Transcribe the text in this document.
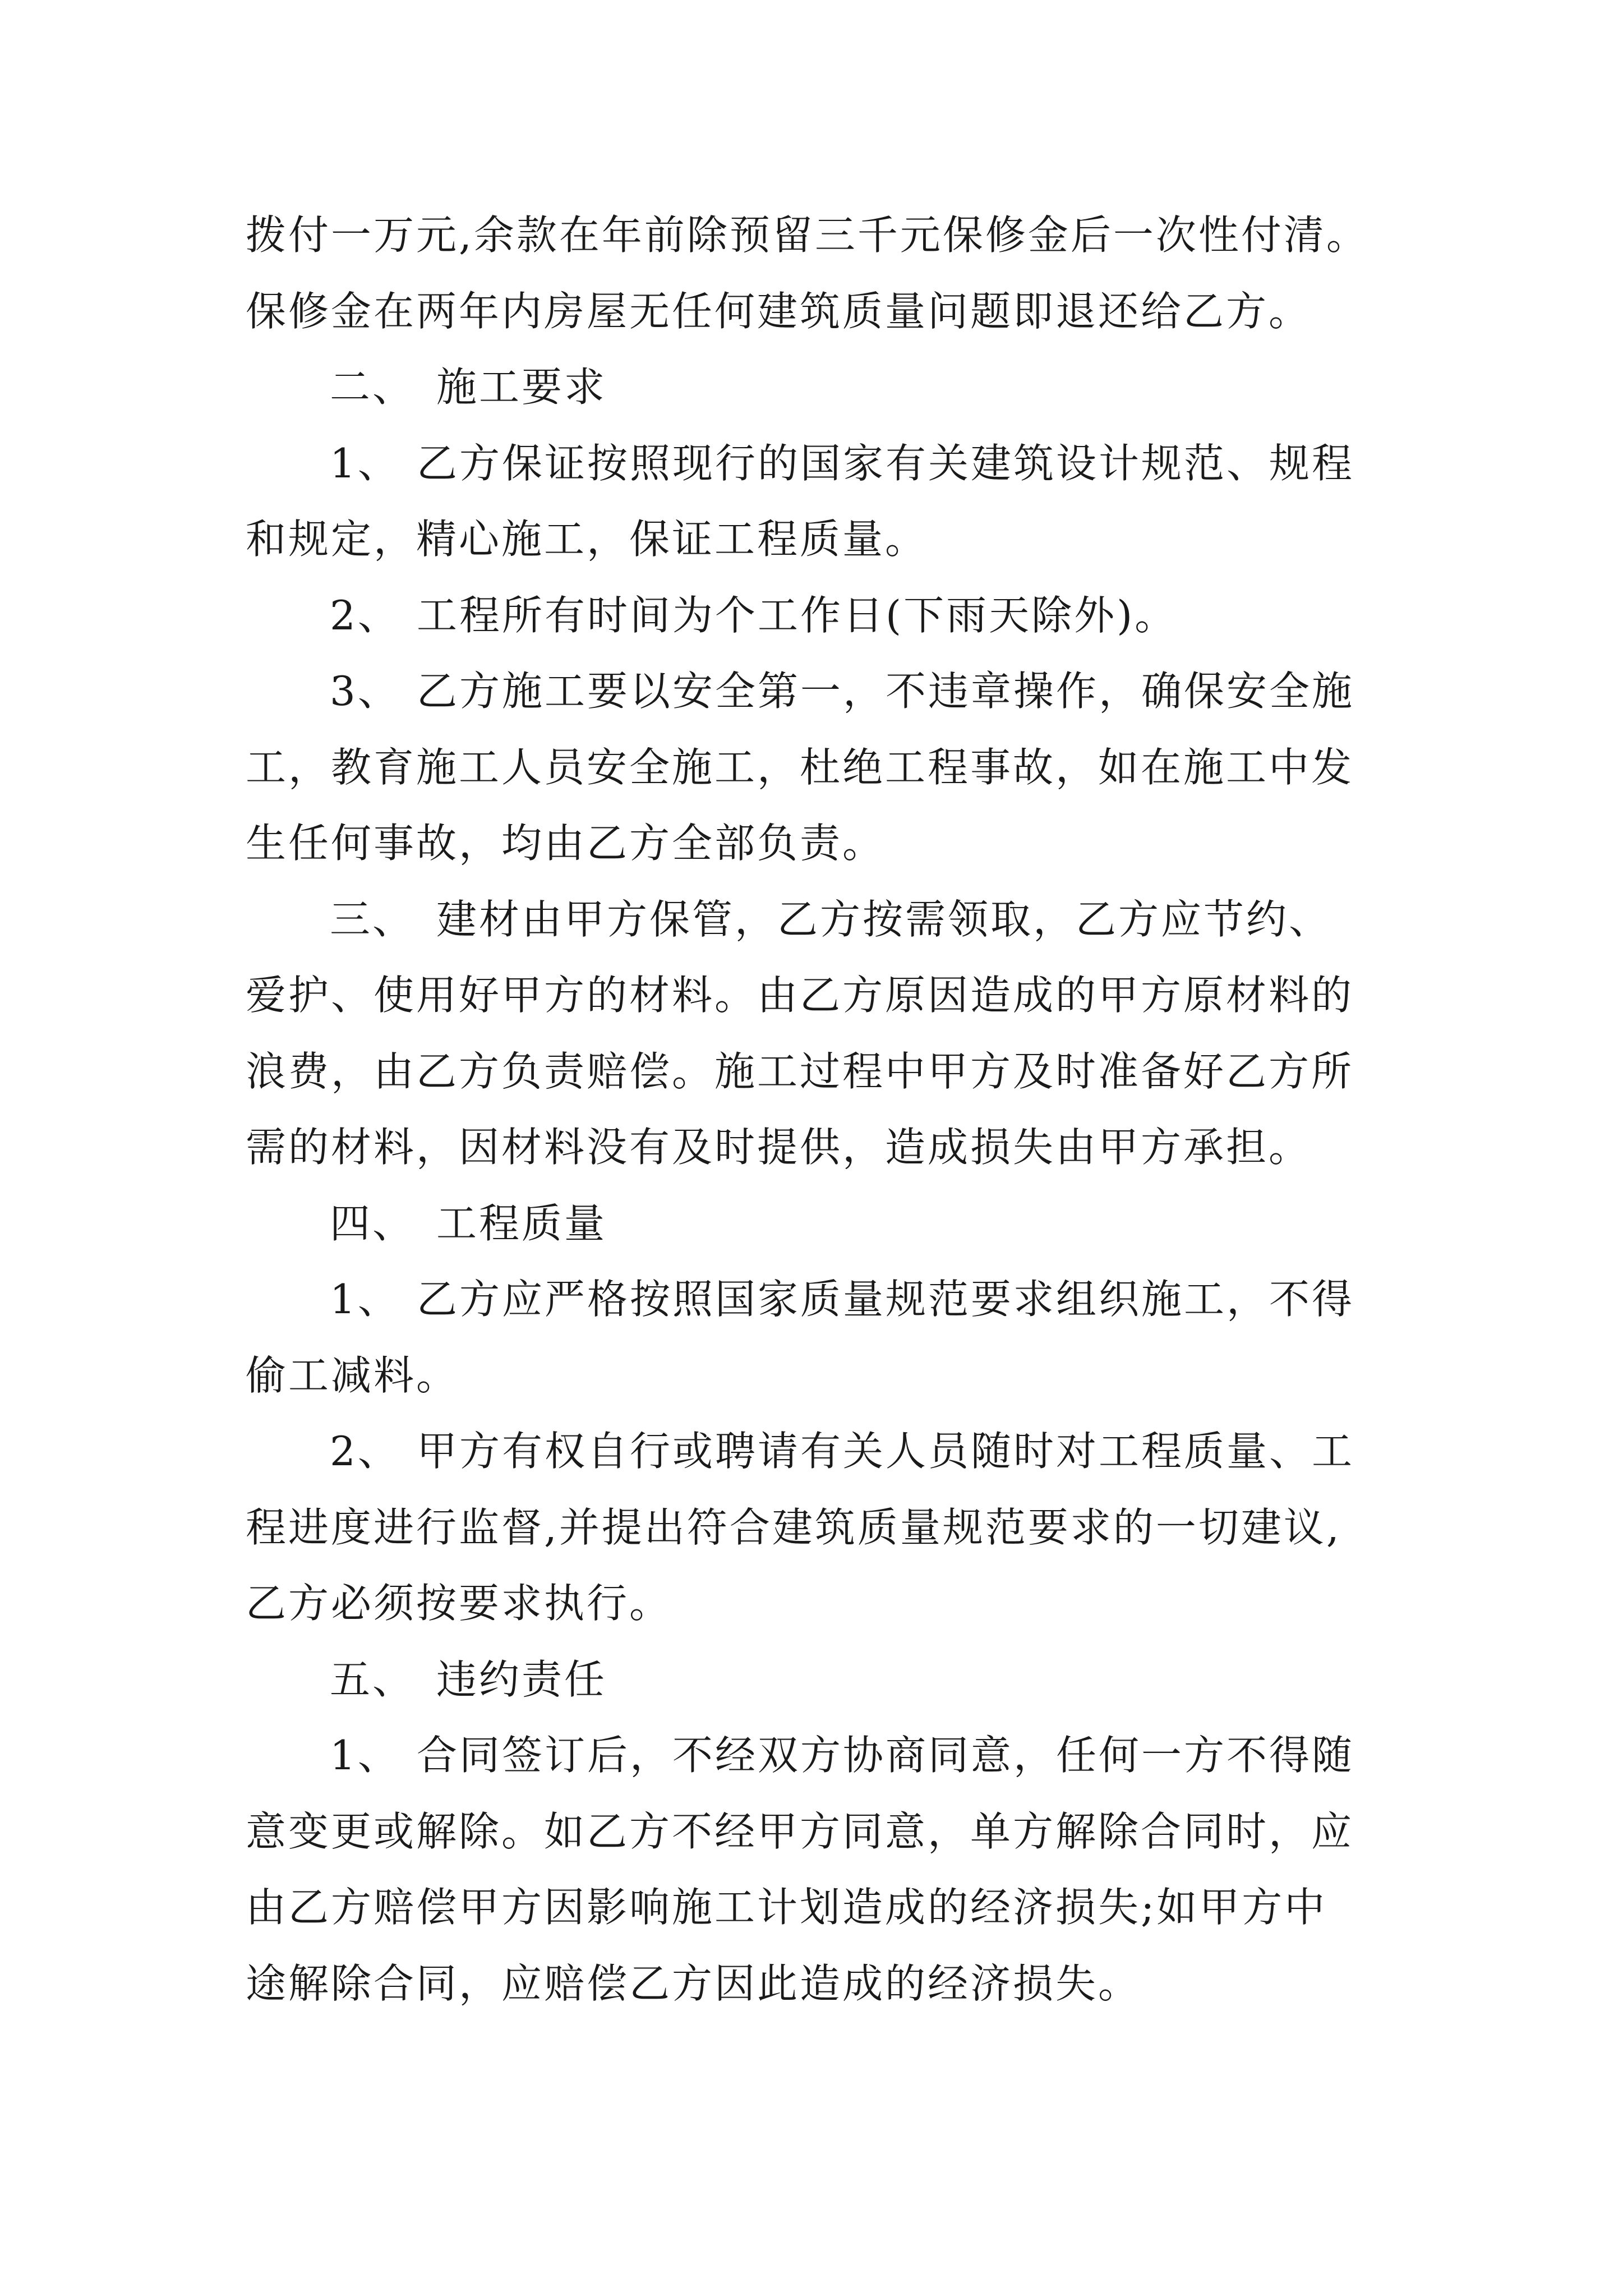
拨付一万元,余款在年前除预留三千元保修金后一次性付清。
保修金在两年内房屋无任何建筑质量问题即退还给乙方。
二、 施工要求
1、 乙方保证按照现行的国家有关建筑设计规范、规程
和规定，精心施工，保证工程质量。
2、 工程所有时间为个工作日(下雨天除外)。
3、 乙方施工要以安全第一，不违章操作，确保安全施
工，教育施工人员安全施工，杜绝工程事故，如在施工中发
生任何事故，均由乙方全部负责。
三、 建材由甲方保管，乙方按需领取，乙方应节约、
爱护、使用好甲方的材料。由乙方原因造成的甲方原材料的
浪费，由乙方负责赔偿。施工过程中甲方及时准备好乙方所
需的材料，因材料没有及时提供，造成损失由甲方承担。
四、 工程质量
1、 乙方应严格按照国家质量规范要求组织施工，不得
偷工减料。
2、 甲方有权自行或聘请有关人员随时对工程质量、工
程进度进行监督,并提出符合建筑质量规范要求的一切建议,
乙方必须按要求执行。
五、 违约责任
1、 合同签订后，不经双方协商同意，任何一方不得随
意变更或解除。如乙方不经甲方同意，单方解除合同时，应
由乙方赔偿甲方因影响施工计划造成的经济损失;如甲方中
途解除合同，应赔偿乙方因此造成的经济损失。
